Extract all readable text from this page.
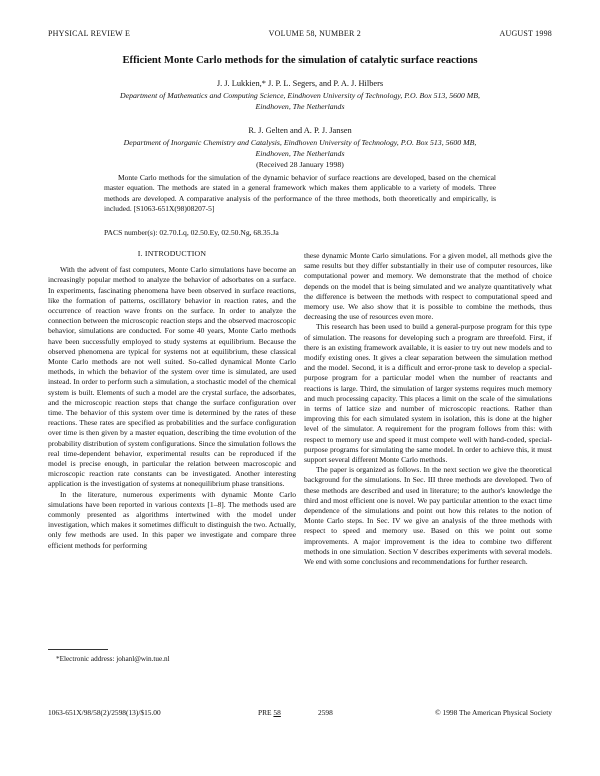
PHYSICAL REVIEW E	VOLUME 58, NUMBER 2	AUGUST 1998
Efficient Monte Carlo methods for the simulation of catalytic surface reactions
J. J. Lukkien,* J. P. L. Segers, and P. A. J. Hilbers
Department of Mathematics and Computing Science, Eindhoven University of Technology, P.O. Box 513, 5600 MB,
Eindhoven, The Netherlands
R. J. Gelten and A. P. J. Jansen
Department of Inorganic Chemistry and Catalysis, Eindhoven University of Technology, P.O. Box 513, 5600 MB,
Eindhoven, The Netherlands
(Received 28 January 1998)
Monte Carlo methods for the simulation of the dynamic behavior of surface reactions are developed, based on the chemical master equation. The methods are stated in a general framework which makes them applicable to a variety of models. Three methods are developed. A comparative analysis of the performance of the three methods, both theoretically and empirically, is included. [S1063-651X(98)08207-5]
PACS number(s): 02.70.Lq, 02.50.Ey, 02.50.Ng, 68.35.Ja
I. INTRODUCTION

With the advent of fast computers, Monte Carlo simulations have become an increasingly popular method to analyze the behavior of adsorbates on a surface. In experiments, fascinating phenomena have been observed in surface reactions, like the formation of patterns, oscillatory behavior in reaction rates, and the occurrence of reaction wave fronts on the surface. In order to analyze the connection between the microscopic reaction steps and the observed macroscopic behavior, simulations are conducted. For some 40 years, Monte Carlo methods have been successfully employed to study systems at equilibrium. Because the observed phenomena are typical for systems not at equilibrium, these classical Monte Carlo methods are not well suited. So-called dynamical Monte Carlo methods, in which the behavior of the system over time is simulated, are used instead. In order to perform such a simulation, a stochastic model of the chemical system is built. Elements of such a model are the crystal surface, the adsorbates, and the microscopic reaction steps that change the surface configuration over time. The behavior of this system over time is determined by the rates of these reactions. These rates are specified as probabilities and the surface configuration over time is then given by a master equation, describing the time evolution of the probability distribution of system configurations. Since the simulation follows the real time-dependent behavior, experimental results can be reproduced if the model is precise enough, in particular the relation between macroscopic and microscopic reaction rate constants can be investigated. Another interesting application is the investigation of systems at nonequilibrium phase transitions.

In the literature, numerous experiments with dynamic Monte Carlo simulations have been reported in various contexts [1–8]. The methods used are commonly presented as algorithms intertwined with the model under investigation, which makes it sometimes difficult to distinguish the two. Actually, only few methods are used. In this paper we investigate and compare three efficient methods for performing

these dynamic Monte Carlo simulations. For a given model, all methods give the same results but they differ substantially in their use of computer resources, like computational power and memory. We demonstrate that the method of choice depends on the model that is being simulated and we analyze quantitatively what the difference is between the methods with respect to computational speed and memory use. We also show that it is possible to combine the methods, thus decreasing the use of resources even more.

This research has been used to build a general-purpose program for this type of simulation. The reasons for developing such a program are threefold. First, if there is an existing framework available, it is easier to try out new models and to modify existing ones. It gives a clear separation between the simulation method and the model. Second, it is a difficult and error-prone task to develop a special-purpose program for a particular model when the number of reactants and reactions is large. Third, the simulation of larger systems requires much memory and much processing capacity. This places a limit on the scale of the simulations in terms of lattice size and number of microscopic reactions. Rather than improving this for each simulated system in isolation, this is done at the higher level of the simulator. A requirement for the program follows from this: with respect to memory use and speed it must compete well with hand-coded, special-purpose programs for simulating the same model. In order to achieve this, it must support several different Monte Carlo methods.

The paper is organized as follows. In the next section we give the theoretical background for the simulations. In Sec. III three methods are developed. Two of these methods are described and used in literature; to the author's knowledge the third and most efficient one is novel. We pay particular attention to the exact time dependence of the simulations and point out how this relates to the notion of Monte Carlo steps. In Sec. IV we give an analysis of the three methods with respect to speed and memory use. Based on this we point out some improvements. A major improvement is the idea to combine two different methods in one simulation. Section V describes experiments with several models. We end with some conclusions and recommendations for further research.

*Electronic address: johanl@win.tue.nl
1063-651X/98/58(2)/2598(13)/$15.00	PRE 58	2598	© 1998 The American Physical Society
